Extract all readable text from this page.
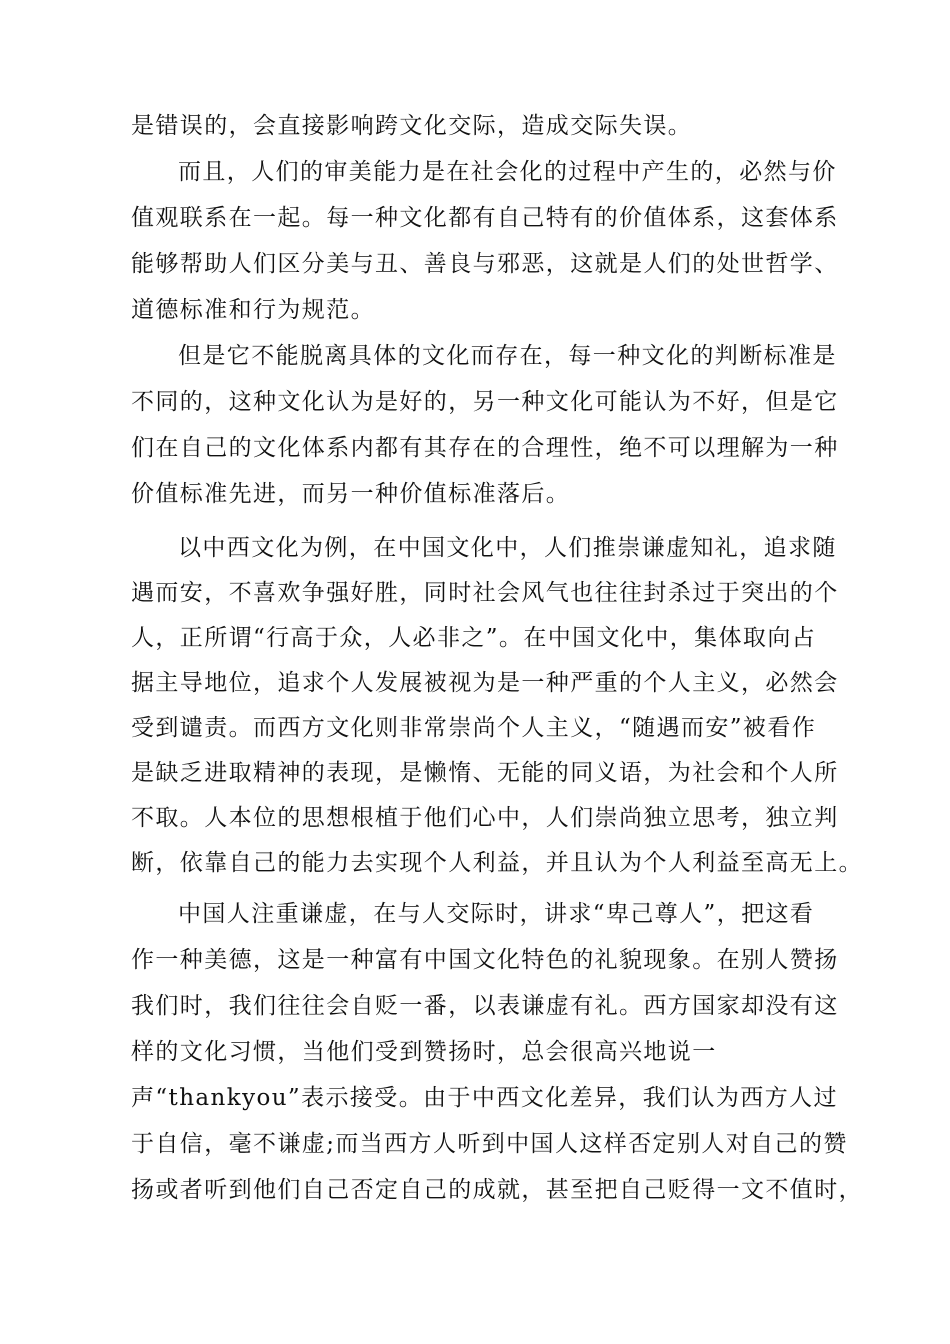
是错误的，会直接影响跨文化交际，造成交际失误。

而且，人们的审美能力是在社会化的过程中产生的，必然与价

值观联系在一起。每一种文化都有自己特有的价值体系，这套体系

能够帮助人们区分美与丑、善良与邪恶，这就是人们的处世哲学、

道德标准和行为规范。

但是它不能脱离具体的文化而存在，每一种文化的判断标准是

不同的，这种文化认为是好的，另一种文化可能认为不好，但是它

们在自己的文化体系内都有其存在的合理性，绝不可以理解为一种

价值标准先进，而另一种价值标准落后。

以中西文化为例，在中国文化中，人们推崇谦虚知礼，追求随

遇而安，不喜欢争强好胜，同时社会风气也往往封杀过于突出的个

人，正所谓“行高于众，人必非之”。在中国文化中，集体取向占

据主导地位，追求个人发展被视为是一种严重的个人主义，必然会

受到谴责。而西方文化则非常崇尚个人主义，“随遇而安”被看作

是缺乏进取精神的表现，是懒惰、无能的同义语，为社会和个人所

不取。人本位的思想根植于他们心中，人们崇尚独立思考，独立判

断，依靠自己的能力去实现个人利益，并且认为个人利益至高无上。

中国人注重谦虚，在与人交际时，讲求“卑己尊人”，把这看

作一种美德，这是一种富有中国文化特色的礼貌现象。在别人赞扬

我们时，我们往往会自贬一番，以表谦虚有礼。西方国家却没有这

样的文化习惯，当他们受到赞扬时，总会很高兴地说一

声“thankyou”表示接受。由于中西文化差异，我们认为西方人过

于自信，毫不谦虚;而当西方人听到中国人这样否定别人对自己的赞

扬或者听到他们自己否定自己的成就，甚至把自己贬得一文不值时，
